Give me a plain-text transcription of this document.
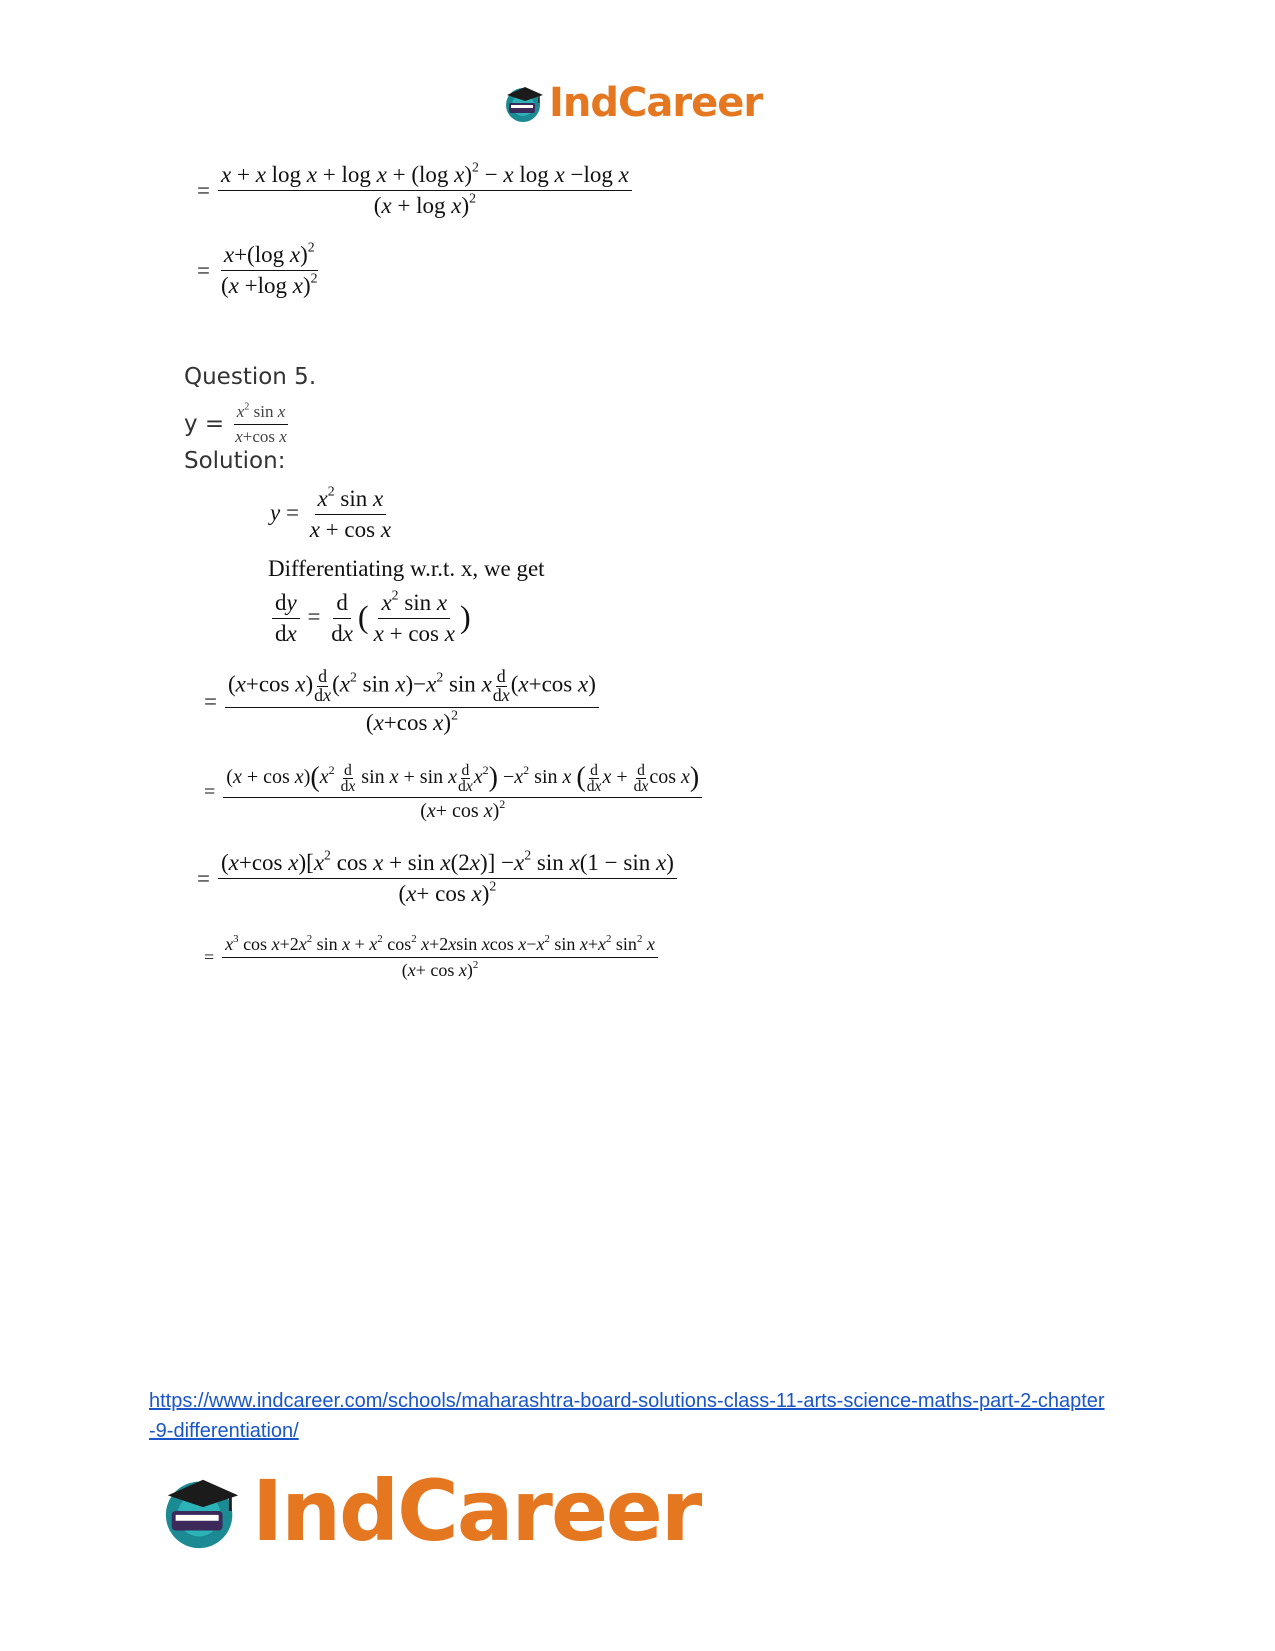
IndCareer
= $\frac{x + x \log x + \log x + (\log x)^2 - x \log x -\log x}{(x + \log x)^2}$
= $\frac{x+(\log x)^2}{(x +\log x)^2}$
Question 5.
$y = \frac{x^2 \sin x}{\text{x+cos x}}$
Solution:
$y = \frac{x^2 \sin x}{\text{x + cos x}}$
Differentiating w.r.t. x, we get
$\frac{dy}{dx} = \frac{d}{dx}$ ( $\frac{x^2 \sin x}{\text{x + cos x}}$ )
= $\frac{(x+\cos x) \frac{d}{dx} (x^2 \sin x)-x^2 \sin x \frac{d}{dx} (x+\cos x)}{(x+\cos x)^2}$
=
$(x + \cos x)(x^2 \frac{d}{dx}$ sin x + sin x $\frac{d}{dx} x^2) -x^2$ sin x ( $\frac{d}{dx}$ $x + \frac{d}{dx}$ cos x)
$(x+ \cos x)^2$
= $\frac{(x+\cos x)[x^2 \cos x + \sin x(2x)] -x^2 \sin x(1 - \sin x)}{(x+ \cos x)^2}$
=
$x^3$ $\cos x+2x^2$ $\sin x + x^2$ $\cos^2 x+2xsin$ xcos $x-x^2$ $\sin x+x^2$ $\sin^2 x$
$(x+ \cos x)^2$
https://www.indcareer.com/schools/maharashtra-board-solutions-class-11-arts-science-maths-part-2-chapter-9-differentiation/
IndCareer
